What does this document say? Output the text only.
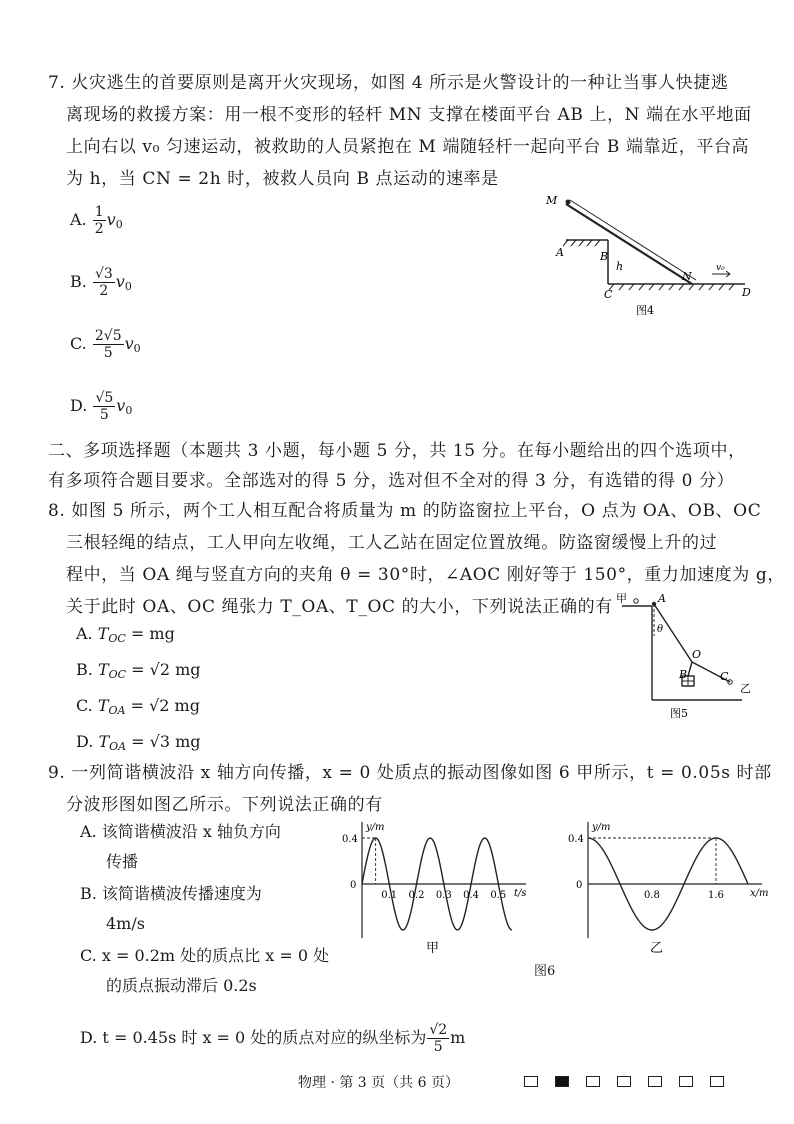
7. 火灾逃生的首要原则是离开火灾现场，如图 4 所示是火警设计的一种让当事人快捷逃
离现场的救援方案：用一根不变形的轻杆 MN 支撑在楼面平台 AB 上，N 端在水平地面
上向右以 v₀ 匀速运动，被救助的人员紧抱在 M 端随轻杆一起向平台 B 端靠近，平台高
为 h，当 CN = 2h 时，被救人员向 B 点运动的速率是
A. $\frac{1}{2} v_0$
B. $\frac{√3}{2} v_0$
C. $\frac{2√5}{5} v_0$
D. $\frac{√5}{5} v_0$
M
A	B
h
C
N
v₀
D
图4
二、多项选择题（本题共 3 小题，每小题 5 分，共 15 分。在每小题给出的四个选项中，
有多项符合题目要求。全部选对的得 5 分，选对但不全对的得 3 分，有选错的得 0 分）
8. 如图 5 所示，两个工人相互配合将质量为 m 的防盗窗拉上平台，O 点为 OA、OB、OC
三根轻绳的结点，工人甲向左收绳，工人乙站在固定位置放绳。防盗窗缓慢上升的过
程中，当 OA 绳与竖直方向的夹角 θ = 30°时，∠AOC 刚好等于 150°，重力加速度为 g，
关于此时 OA、OC 绳张力 T_OA、T_OC 的大小，下列说法正确的有
A. $T_{OC}$ = mg
B. $T_{OC} = √2$ mg
C. $T_{OA} = √2$ mg
D. $T_{OA} = √3$ mg
甲	A
θ
O
B	C
乙
图5
9. 一列简谐横波沿 x 轴方向传播，x = 0 处质点的振动图像如图 6 甲所示，t = 0.05s 时部
分波形图如图乙所示。下列说法正确的有
A. 该简谐横波沿 x 轴负方向
传播
B. 该简谐横波传播速度为
4m/s
C. x = 0.2m 处的质点比 x = 0 处
的质点振动滞后 0.2s
D. t = 0.45s 时 x = 0 处的质点对应的纵坐标为 $\frac{√2}{5}$ m
y/m
t/s
0.4
0
0.1 0.2 0.3 0.4 0.5
甲
y/m
x/m
0.4
0
0.8	1.6
乙
图6
物理 · 第 3 页（共 6 页）
